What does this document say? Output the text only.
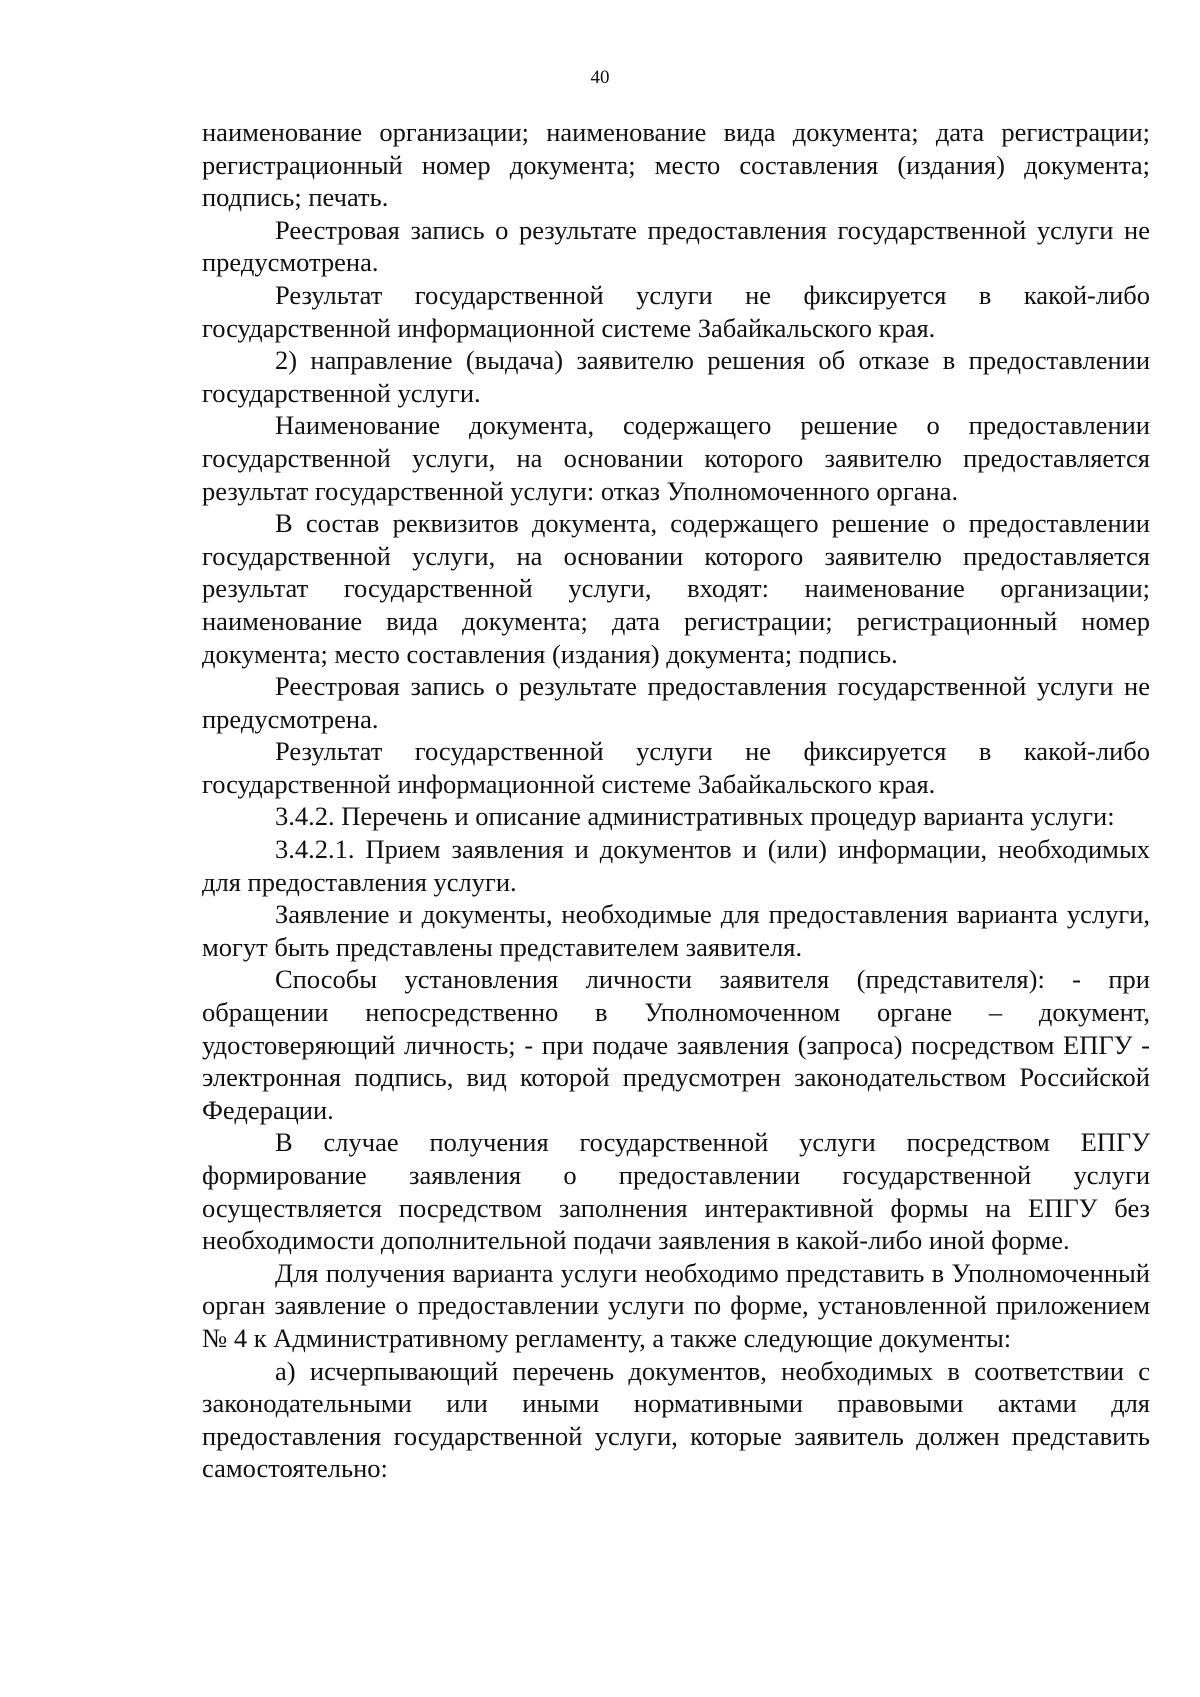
40

наименование организации; наименование вида документа; дата регистрации; регистрационный номер документа; место составления (издания) документа; подпись; печать.

Реестровая запись о результате предоставления государственной услуги не предусмотрена.

Результат государственной услуги не фиксируется в какой-либо государственной информационной системе Забайкальского края.

2) направление (выдача) заявителю решения об отказе в предоставлении государственной услуги.

Наименование документа, содержащего решение о предоставлении государственной услуги, на основании которого заявителю предоставляется результат государственной услуги: отказ Уполномоченного органа.

В состав реквизитов документа, содержащего решение о предоставлении государственной услуги, на основании которого заявителю предоставляется результат государственной услуги, входят: наименование организации; наименование вида документа; дата регистрации; регистрационный номер документа; место составления (издания) документа; подпись.

Реестровая запись о результате предоставления государственной услуги не предусмотрена.

Результат государственной услуги не фиксируется в какой-либо государственной информационной системе Забайкальского края.

3.4.2. Перечень и описание административных процедур варианта услуги:

3.4.2.1. Прием заявления и документов и (или) информации, необходимых для предоставления услуги.

Заявление и документы, необходимые для предоставления варианта услуги, могут быть представлены представителем заявителя.

Способы установления личности заявителя (представителя): - при обращении непосредственно в Уполномоченном органе – документ, удостоверяющий личность; - при подаче заявления (запроса) посредством ЕПГУ - электронная подпись, вид которой предусмотрен законодательством Российской Федерации.

В случае получения государственной услуги посредством ЕПГУ формирование заявления о предоставлении государственной услуги осуществляется посредством заполнения интерактивной формы на ЕПГУ без необходимости дополнительной подачи заявления в какой-либо иной форме.

Для получения варианта услуги необходимо представить в Уполномоченный орган заявление о предоставлении услуги по форме, установленной приложением № 4 к Административному регламенту, а также следующие документы:

а) исчерпывающий перечень документов, необходимых в соответствии с законодательными или иными нормативными правовыми актами для предоставления государственной услуги, которые заявитель должен представить самостоятельно:
